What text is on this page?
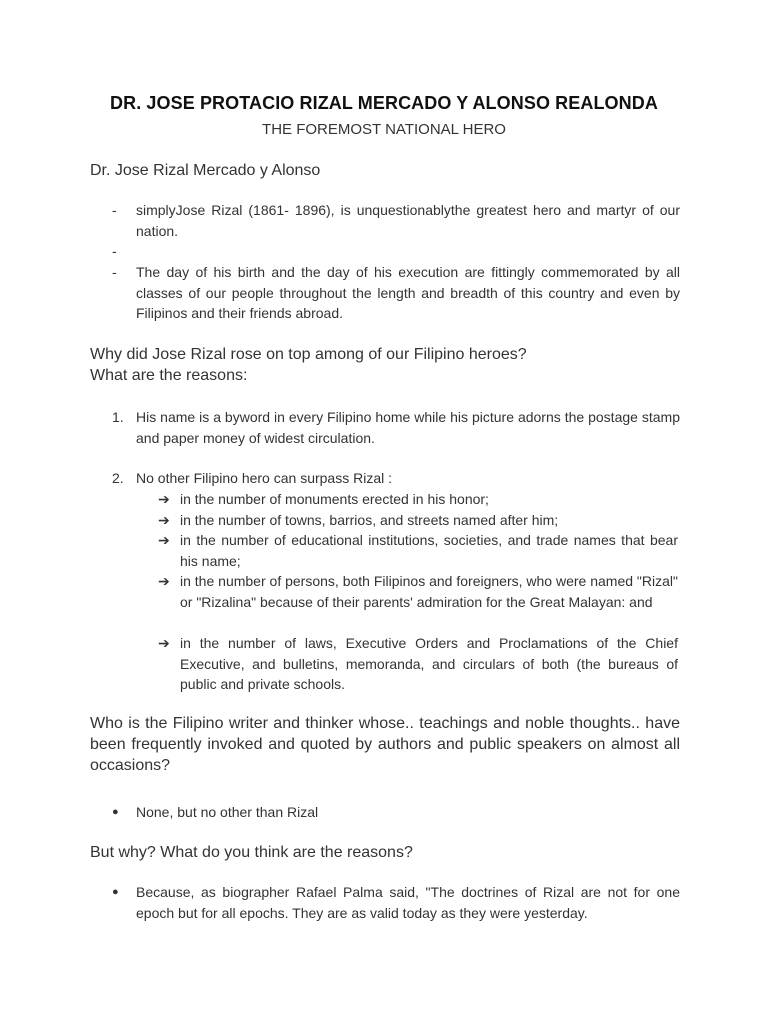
DR. JOSE PROTACIO RIZAL MERCADO Y ALONSO REALONDA
THE FOREMOST NATIONAL HERO
Dr. Jose Rizal Mercado y Alonso
-	simplyJose Rizal (1861- 1896), is unquestionablythe greatest hero and martyr of our nation.
-
-	The day of his birth and the day of his execution are fittingly commemorated by all classes of our people throughout the length and breadth of this country and even by Filipinos and their friends abroad.
Why did Jose Rizal rose on top among of our Filipino heroes?
What are the reasons:
1. His name is a byword in every Filipino home while his picture adorns the postage stamp and paper money of widest circulation.
2. No other Filipino hero can surpass Rizal :
➔ in the number of monuments erected in his honor;
➔ in the number of towns, barrios, and streets named after him;
➔ in the number of educational institutions, societies, and trade names that bear his name;
➔ in the number of persons, both Filipinos and foreigners, who were named "Rizal" or "Rizalina" because of their parents' admiration for the Great Malayan: and
➔ in the number of laws, Executive Orders and Proclamations of the Chief Executive, and bulletins, memoranda, and circulars of both (the bureaus of public and private schools.
Who is the Filipino writer and thinker whose.. teachings and noble thoughts.. have been frequently invoked and quoted by authors and public speakers on almost all occasions?
●	None, but no other than Rizal
But why? What do you think are the reasons?
●	Because, as biographer Rafael Palma said, "The doctrines of Rizal are not for one epoch but for all epochs. They are as valid today as they were yesterday.
